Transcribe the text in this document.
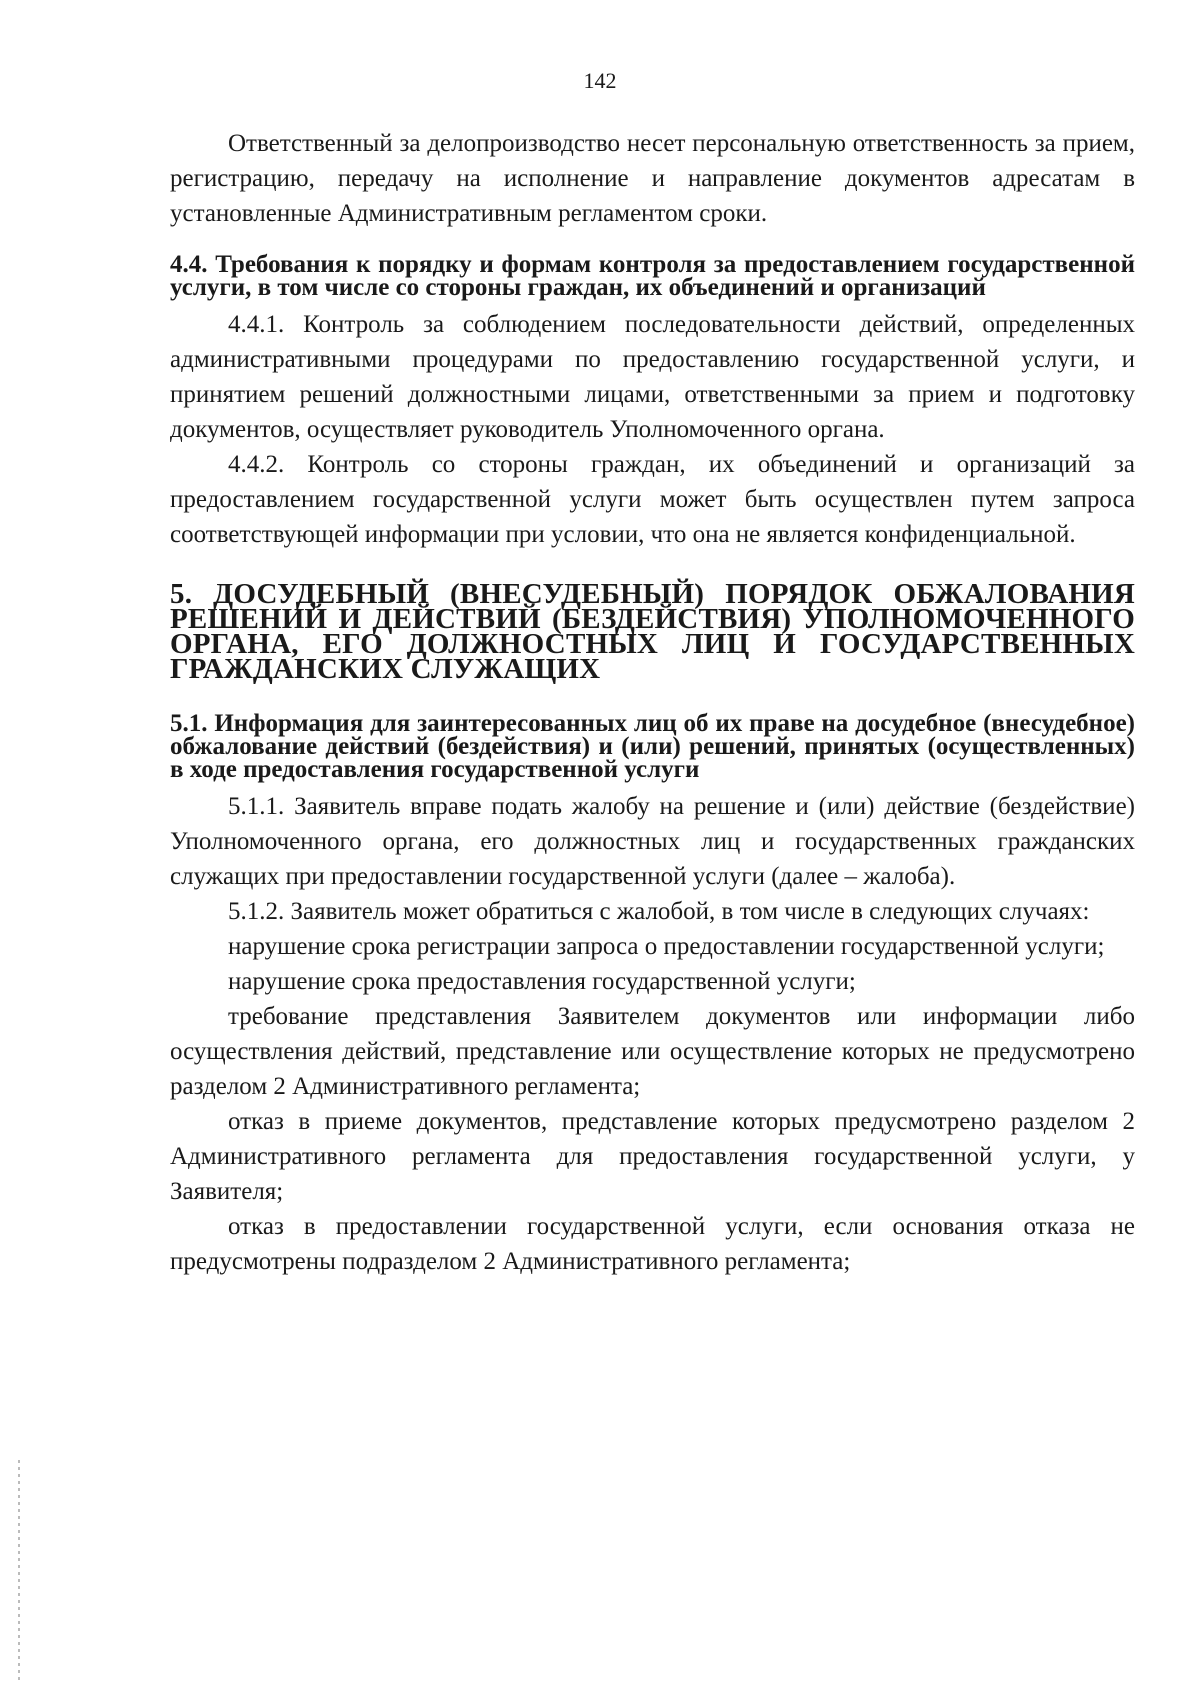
142

Ответственный за делопроизводство несет персональную ответственность за прием, регистрацию, передачу на исполнение и направление документов адресатам в установленные Административным регламентом сроки.

4.4. Требования к порядку и формам контроля за предоставлением государственной услуги, в том числе со стороны граждан, их объединений и организаций

4.4.1. Контроль за соблюдением последовательности действий, определенных административными процедурами по предоставлению государственной услуги, и принятием решений должностными лицами, ответственными за прием и подготовку документов, осуществляет руководитель Уполномоченного органа.

4.4.2. Контроль со стороны граждан, их объединений и организаций за предоставлением государственной услуги может быть осуществлен путем запроса соответствующей информации при условии, что она не является конфиденциальной.

5. ДОСУДЕБНЫЙ (ВНЕСУДЕБНЫЙ) ПОРЯДОК ОБЖАЛОВАНИЯ РЕШЕНИЙ И ДЕЙСТВИЙ (БЕЗДЕЙСТВИЯ) УПОЛНОМОЧЕННОГО ОРГАНА, ЕГО ДОЛЖНОСТНЫХ ЛИЦ И ГОСУДАРСТВЕННЫХ ГРАЖДАНСКИХ СЛУЖАЩИХ

5.1. Информация для заинтересованных лиц об их праве на досудебное (внесудебное) обжалование действий (бездействия) и (или) решений, принятых (осуществленных) в ходе предоставления государственной услуги

5.1.1. Заявитель вправе подать жалобу на решение и (или) действие (бездействие) Уполномоченного органа, его должностных лиц и государственных гражданских служащих при предоставлении государственной услуги (далее – жалоба).

5.1.2. Заявитель может обратиться с жалобой, в том числе в следующих случаях:

нарушение срока регистрации запроса о предоставлении государственной услуги;

нарушение срока предоставления государственной услуги;

требование представления Заявителем документов или информации либо осуществления действий, представление или осуществление которых не предусмотрено разделом 2 Административного регламента;

отказ в приеме документов, представление которых предусмотрено разделом 2 Административного регламента для предоставления государственной услуги, у Заявителя;

отказ в предоставлении государственной услуги, если основания отказа не предусмотрены подразделом 2 Административного регламента;
